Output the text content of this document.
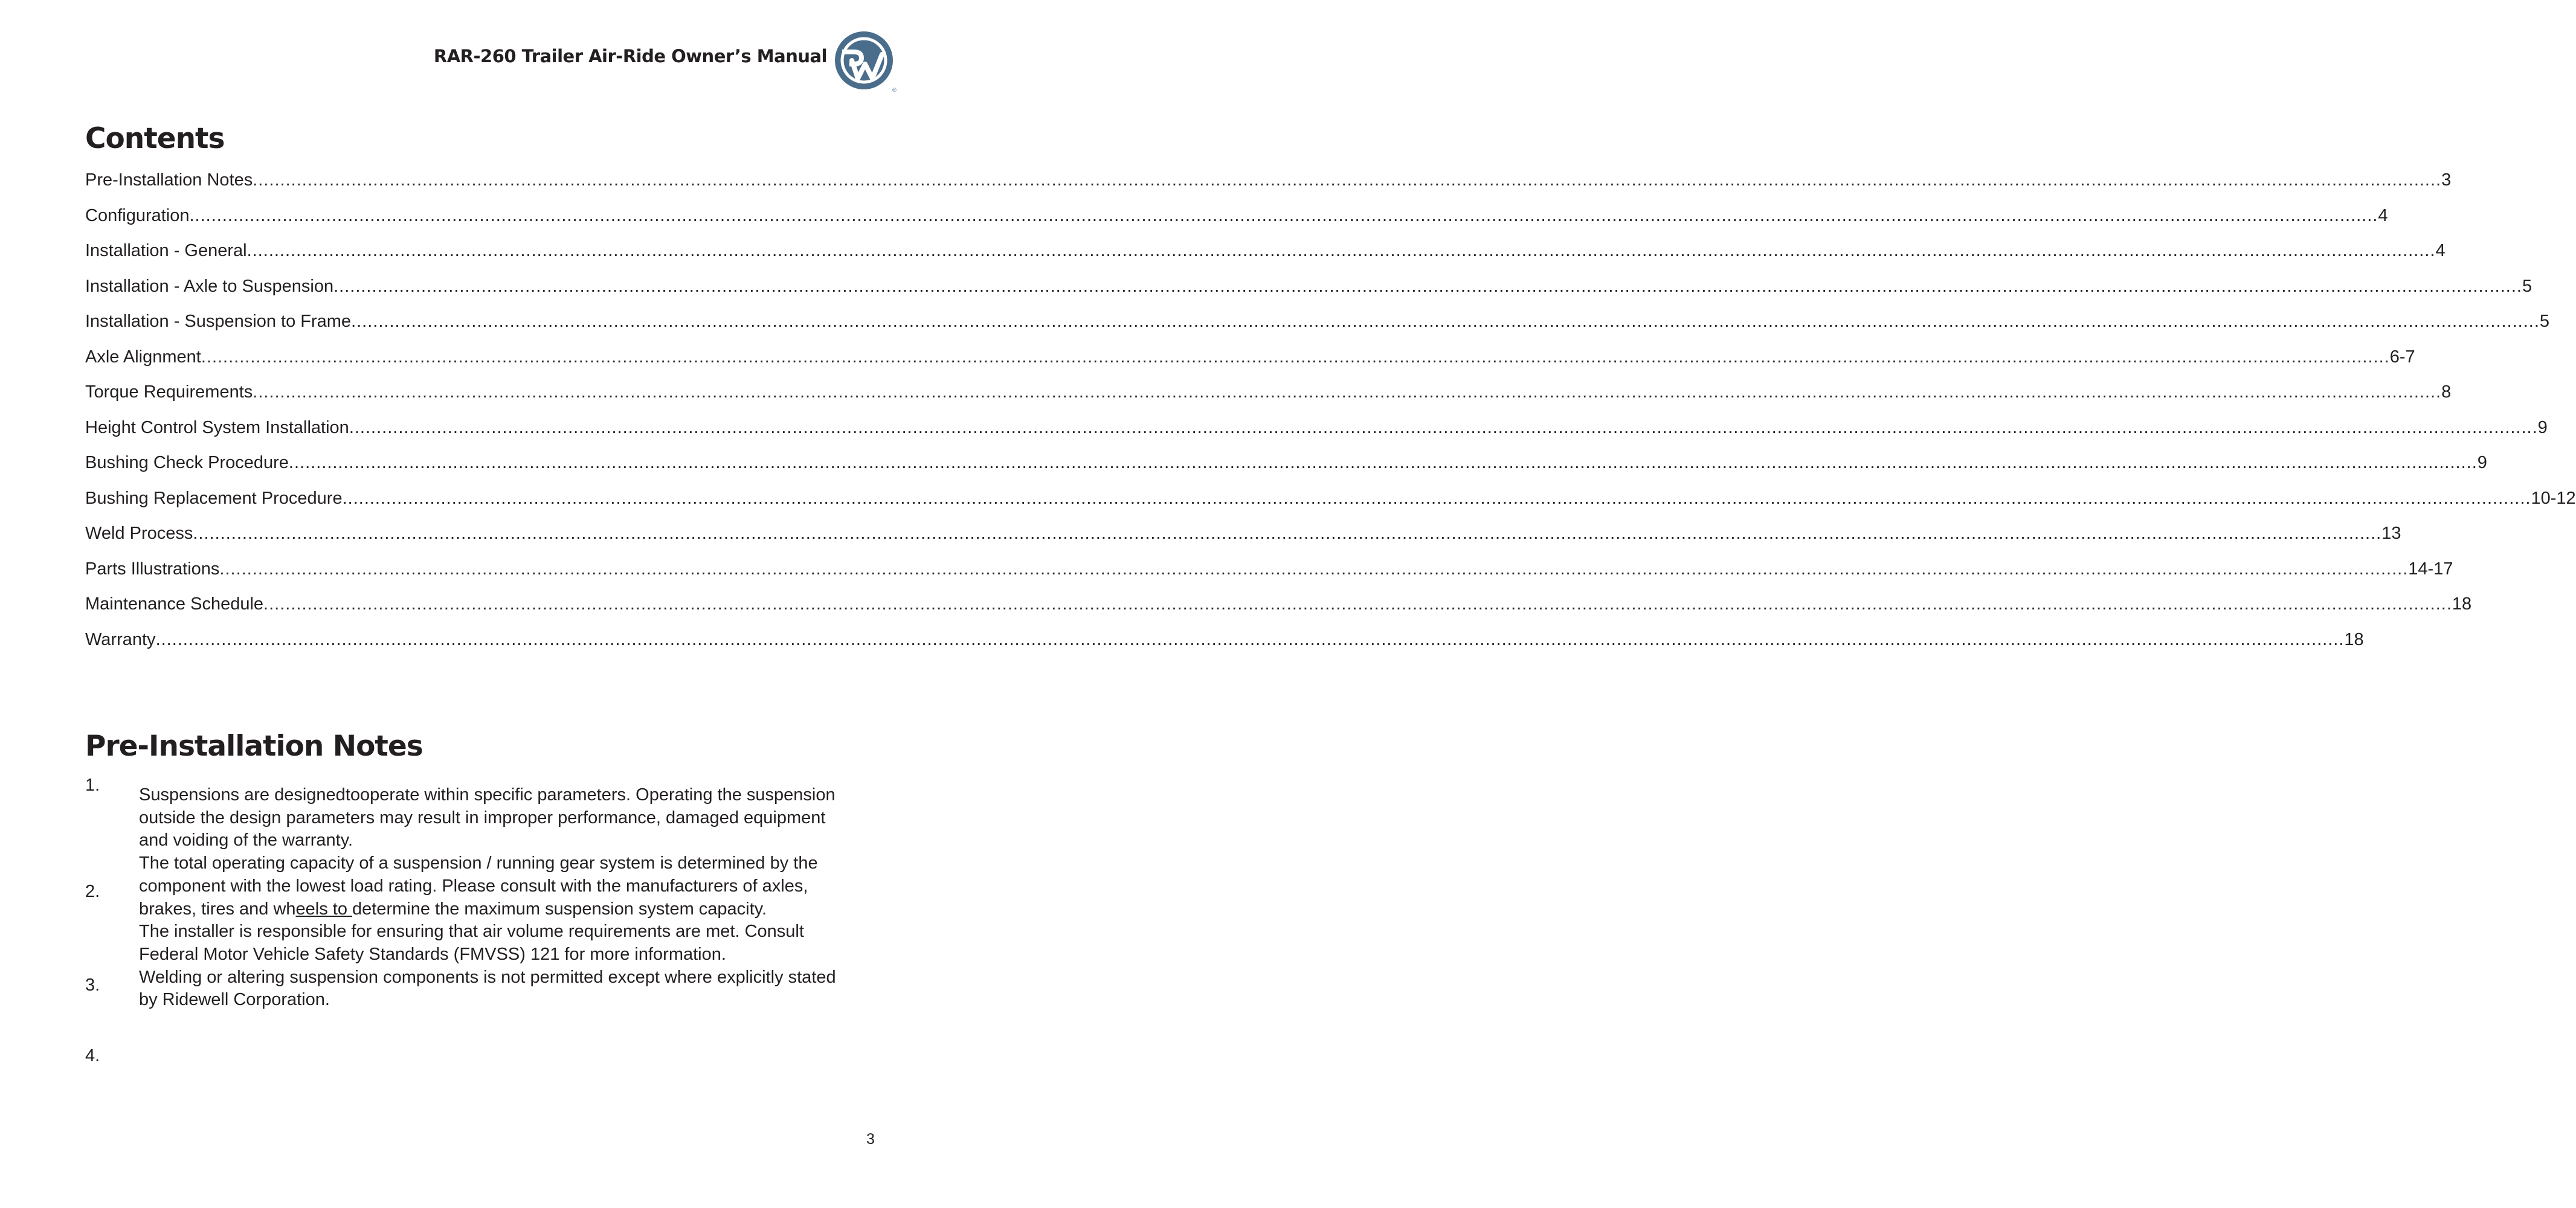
RAR-260 Trailer Air-Ride Owner’s Manual
®
Contents
Pre-Installation Notes ................................................................................................................................................................................................................................................................................................................................................................................................................ 3
Configuration ................................................................................................................................................................................................................................................................................................................................................................................................................ 4
Installation - General ................................................................................................................................................................................................................................................................................................................................................................................................................ 4
Installation - Axle to Suspension ................................................................................................................................................................................................................................................................................................................................................................................................................ 5
Installation - Suspension to Frame ................................................................................................................................................................................................................................................................................................................................................................................................................ 5
Axle Alignment ................................................................................................................................................................................................................................................................................................................................................................................................................ 6-7
Torque Requirements ................................................................................................................................................................................................................................................................................................................................................................................................................ 8
Height Control System Installation ................................................................................................................................................................................................................................................................................................................................................................................................................ 9
Bushing Check Procedure ................................................................................................................................................................................................................................................................................................................................................................................................................ 9
Bushing Replacement Procedure ................................................................................................................................................................................................................................................................................................................................................................................................................ 10-12
Weld Process ................................................................................................................................................................................................................................................................................................................................................................................................................ 13
Parts Illustrations ................................................................................................................................................................................................................................................................................................................................................................................................................ 14-17
Maintenance Schedule ................................................................................................................................................................................................................................................................................................................................................................................................................ 18
Warranty ................................................................................................................................................................................................................................................................................................................................................................................................................ 18
Pre-Installation Notes
1.
2.
3.
4.

Suspensions are designedtooperate within specific parameters. Operating the suspension outside the design parameters may result in improper performance, damaged equipment and voiding of the warranty.

The total operating capacity of a suspension / running gear system is determined by the component with the lowest load rating. Please consult with the manufacturers of axles, brakes, tires and wheels to determine the maximum suspension system capacity.

The installer is responsible for ensuring that air volume requirements are met. Consult Federal Motor Vehicle Safety Standards (FMVSS) 121 for more information.

Welding or altering suspension components is not permitted except where explicitly stated by Ridewell Corporation.

3
